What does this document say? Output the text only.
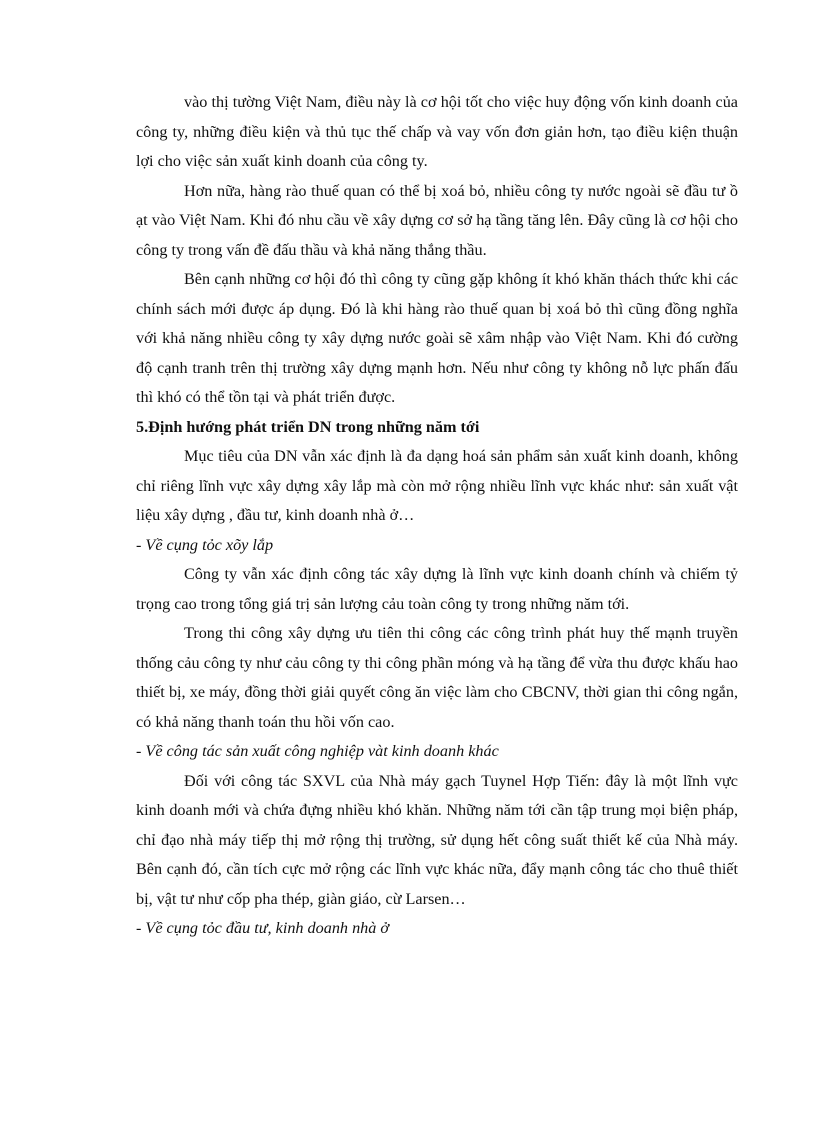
vào thị tường Việt Nam, điều này là cơ hội tốt cho việc huy động vốn kinh doanh của công ty, những điều kiện và thủ tục thế chấp và vay vốn đơn giản hơn, tạo điều kiện thuận lợi cho việc sản xuất kinh doanh của công ty.

Hơn nữa, hàng rào thuế quan có thể bị xoá bỏ, nhiều công ty nước ngoài sẽ đầu tư ồ ạt vào Việt Nam. Khi đó nhu cầu về xây dựng cơ sở hạ tầng tăng lên. Đây cũng là cơ hội cho công ty trong vấn đề đấu thầu và khả năng thắng thầu.

Bên cạnh những cơ hội đó thì công ty cũng gặp không ít khó khăn thách thức khi các chính sách mới được áp dụng. Đó là khi hàng rào thuế quan bị xoá bỏ thì cũng đồng nghĩa với khả năng nhiều công ty xây dựng nước goài sẽ xâm nhập vào Việt Nam. Khi đó cường độ cạnh tranh trên thị trường xây dựng mạnh hơn. Nếu như công ty không nỗ lực phấn đấu thì khó có thể tồn tại và phát triển được.

5.Định hướng phát triển DN trong những năm tới

Mục tiêu của DN vẫn xác định là đa dạng hoá sản phẩm sản xuất kinh doanh, không chỉ riêng lĩnh vực xây dựng xây lắp mà còn mở rộng nhiều lĩnh vực khác như: sản xuất vật liệu xây dựng , đầu tư, kinh doanh nhà ở…

- Về cụng tỏc xõy lắp

Công ty vẫn xác định công tác xây dựng là lĩnh vực kinh doanh chính và chiếm tỷ trọng cao trong tổng giá trị sản lượng cảu toàn công ty trong những năm tới.

Trong thi công xây dựng ưu tiên thi công các công trình phát huy thế mạnh truyền thống cảu công ty như cảu công ty thi công phần móng và hạ tầng để vừa thu được khấu hao thiết bị, xe máy, đồng thời giải quyết công ăn việc làm cho CBCNV, thời gian thi công ngắn, có khả năng thanh toán thu hồi vốn cao.

- Về công tác sản xuất công nghiệp vàt kinh doanh khác

Đối với công tác SXVL của Nhà máy gạch Tuynel Hợp Tiến: đây là một lĩnh vực kinh doanh mới và chứa đựng nhiều khó khăn. Những năm tới cần tập trung mọi biện pháp, chỉ đạo nhà máy tiếp thị mở rộng thị trường, sử dụng hết công suất thiết kế của Nhà máy. Bên cạnh đó, cần tích cực mở rộng các lĩnh vực khác nữa, đẩy mạnh công tác cho thuê thiết bị, vật tư như cốp pha thép, giàn giáo, cừ Larsen…

- Về cụng tỏc đầu tư, kinh doanh nhà ở
